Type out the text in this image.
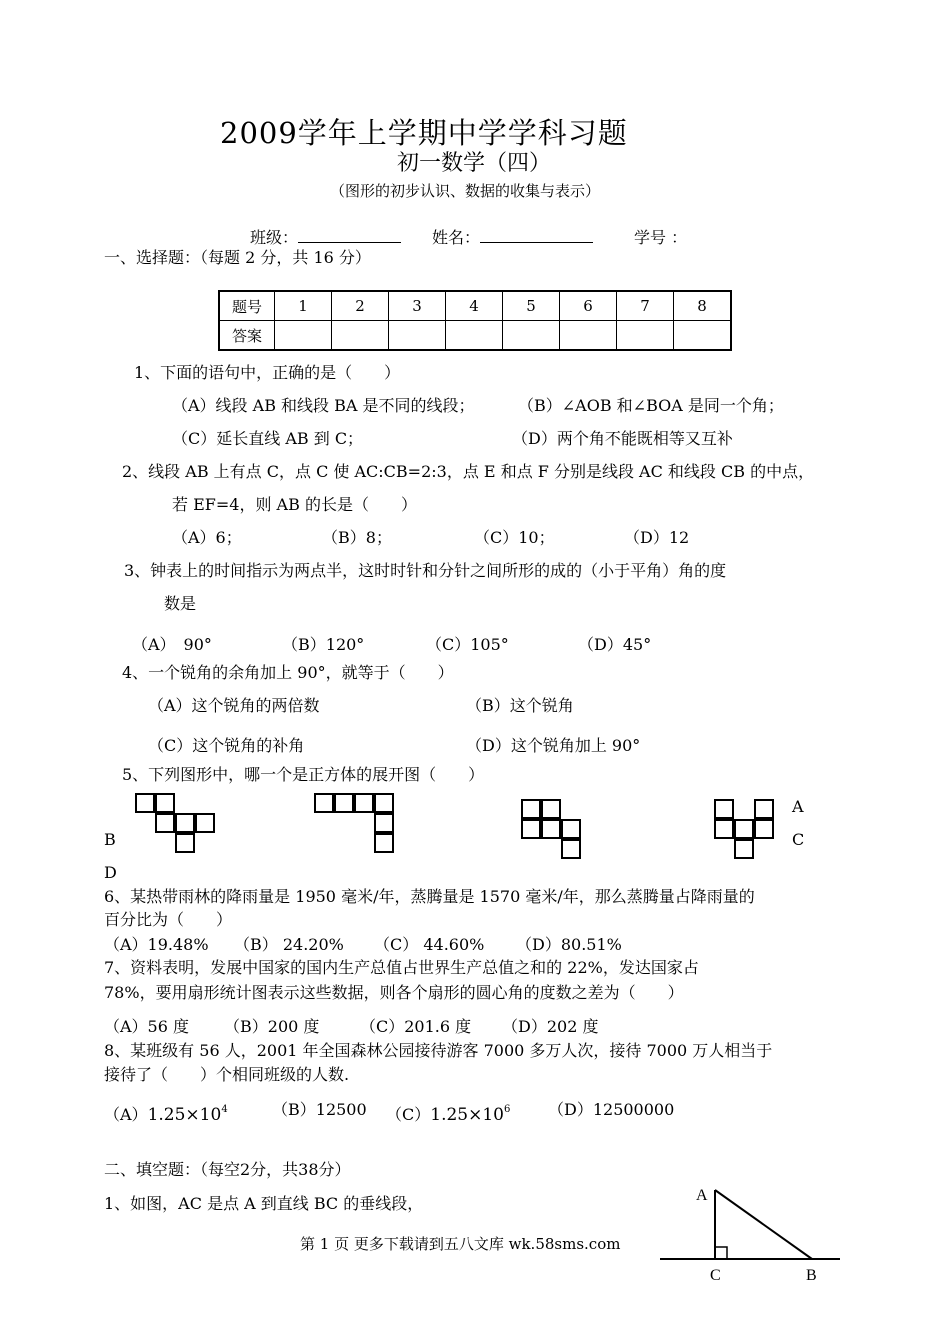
2009学年上学期中学学科习题
初一数学（四）
（图形的初步认识、数据的收集与表示）
班级：	姓名：	学号 ：
一、选择题：（每题 2 分，共 16 分）
题号	1	2	3	4	5	6	7	8
答案								
1、下面的语句中，正确的是（　　）
（A）线段 AB 和线段 BA 是不同的线段；	（B）∠AOB 和∠BOA 是同一个角；
（C）延长直线 AB 到 C；	（D）两个角不能既相等又互补
2、线段 AB 上有点 C，点 C 使 AC:CB=2:3，点 E 和点 F 分别是线段 AC 和线段 CB 的中点，
若 EF=4，则 AB 的长是（　　）
（A）6；	（B）8；	（C）10；	（D）12
3、钟表上的时间指示为两点半，这时时针和分针之间所形的成的（小于平角）角的度
数是
（A）　90°	（B）120°	（C）105°	（D）45°
4、一个锐角的余角加上 90°，就等于（　　）
（A）这个锐角的两倍数	（B）这个锐角
（C）这个锐角的补角	（D）这个锐角加上 90°
5、下列图形中，哪一个是正方体的展开图（　　）
B
D
A
C
6、某热带雨林的降雨量是 1950 毫米/年，蒸腾量是 1570 毫米/年，那么蒸腾量占降雨量的
百分比为（　　）
（A）19.48% （B） 24.20% （C） 44.60% （D）80.51%
7、资料表明，发展中国家的国内生产总值占世界生产总值之和的 22%，发达国家占
78%，要用扇形统计图表示这些数据，则各个扇形的圆心角的度数之差为（　　）
（A）56 度 （B）200 度	（C）201.6 度 （D）202 度
8、某班级有 56 人，2001 年全国森林公园接待游客 7000 多万人次，接待 7000 万人相当于
接待了（　　）个相同班级的人数.
$(A)1.25\times 10^4$	（B）12500 $(C)1.25\times 10^6$ （D）12500000
二、填空题：（每空2分，共38分）
1、如图，AC 是点 A 到直线 BC 的垂线段，	A
C	B
第 1 页 更多下载请到五八文库 wk.58sms.com
